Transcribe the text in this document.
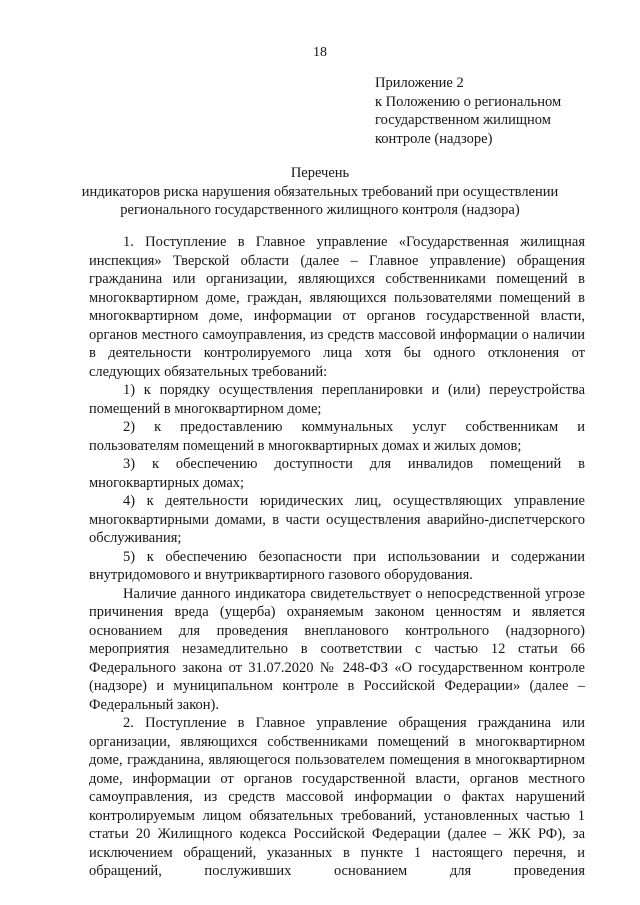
18
Приложение 2
к Положению о региональном
государственном жилищном
контроле (надзоре)
Перечень
индикаторов риска нарушения обязательных требований при осуществлении
регионального государственного жилищного контроля (надзора)

1. Поступление в Главное управление «Государственная жилищная инспекция» Тверской области (далее – Главное управление) обращения гражданина или организации, являющихся собственниками помещений в многоквартирном доме, граждан, являющихся пользователями помещений в многоквартирном доме, информации от органов государственной власти, органов местного самоуправления, из средств массовой информации о наличии в деятельности контролируемого лица хотя бы одного отклонения от следующих обязательных требований:

1) к порядку осуществления перепланировки и (или) переустройства помещений в многоквартирном доме;

2) к предоставлению коммунальных услуг собственникам и пользователям помещений в многоквартирных домах и жилых домов;

3) к обеспечению доступности для инвалидов помещений в многоквартирных домах;

4) к деятельности юридических лиц, осуществляющих управление многоквартирными домами, в части осуществления аварийно-диспетчерского обслуживания;

5) к обеспечению безопасности при использовании и содержании внутридомового и внутриквартирного газового оборудования.

Наличие данного индикатора свидетельствует о непосредственной угрозе причинения вреда (ущерба) охраняемым законом ценностям и является основанием для проведения внепланового контрольного (надзорного) мероприятия незамедлительно в соответствии с частью 12 статьи 66 Федерального закона от 31.07.2020 № 248-ФЗ «О государственном контроле (надзоре) и муниципальном контроле в Российской Федерации» (далее – Федеральный закон).

2. Поступление в Главное управление обращения гражданина или организации, являющихся собственниками помещений в многоквартирном доме, гражданина, являющегося пользователем помещения в многоквартирном доме, информации от органов государственной власти, органов местного самоуправления, из средств массовой информации о фактах нарушений контролируемым лицом обязательных требований, установленных частью 1 статьи 20 Жилищного кодекса Российской Федерации (далее – ЖК РФ), за исключением обращений, указанных в пункте 1 настоящего перечня, и обращений, послуживших основанием для проведения
